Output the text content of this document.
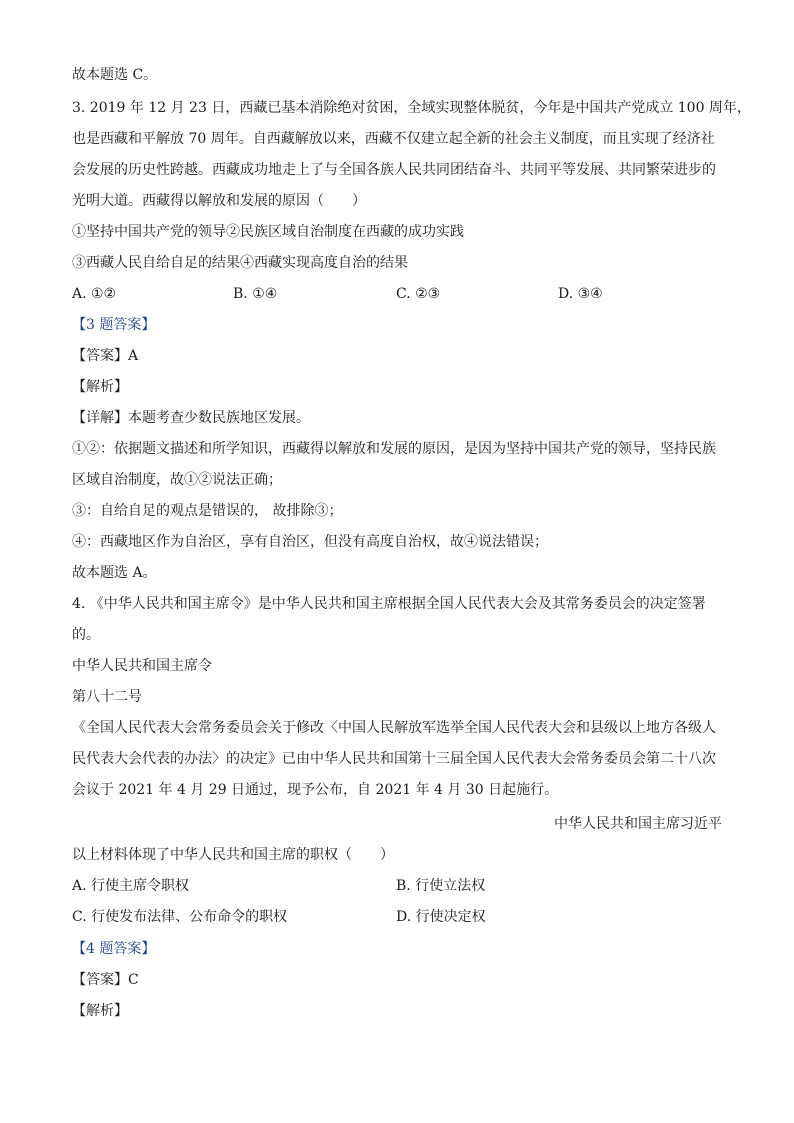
故本题选 C。
3. 2019 年 12 月 23 日，西藏已基本消除绝对贫困，全域实现整体脱贫，今年是中国共产党成立 100 周年，
也是西藏和平解放 70 周年。自西藏解放以来，西藏不仅建立起全新的社会主义制度，而且实现了经济社
会发展的历史性跨越。西藏成功地走上了与全国各族人民共同团结奋斗、共同平等发展、共同繁荣进步的
光明大道。西藏得以解放和发展的原因（　　）
①坚持中国共产党的领导②民族区域自治制度在西藏的成功实践
③西藏人民自给自足的结果④西藏实现高度自治的结果
A. ①②	B. ①④	C. ②③	D. ③④
【3 题答案】
【答案】A
【解析】
【详解】本题考查少数民族地区发展。
①②：依据题文描述和所学知识，西藏得以解放和发展的原因，是因为坚持中国共产党的领导，坚持民族
区域自治制度，故①②说法正确；
③：自给自足的观点是错误的， 故排除③；
④：西藏地区作为自治区，享有自治区，但没有高度自治权，故④说法错误；
故本题选 A。
4. 《中华人民共和国主席令》是中华人民共和国主席根据全国人民代表大会及其常务委员会的决定签署
的。
中华人民共和国主席令
第八十二号
《全国人民代表大会常务委员会关于修改〈中国人民解放军选举全国人民代表大会和县级以上地方各级人
民代表大会代表的办法〉的决定》已由中华人民共和国第十三届全国人民代表大会常务委员会第二十八次
会议于 2021 年 4 月 29 日通过，现予公布，自 2021 年 4 月 30 日起施行。
中华人民共和国主席习近平
以上材料体现了中华人民共和国主席的职权（　　）
A. 行使主席令职权	B. 行使立法权
C. 行使发布法律、公布命令的职权	D. 行使决定权
【4 题答案】
【答案】C
【解析】
